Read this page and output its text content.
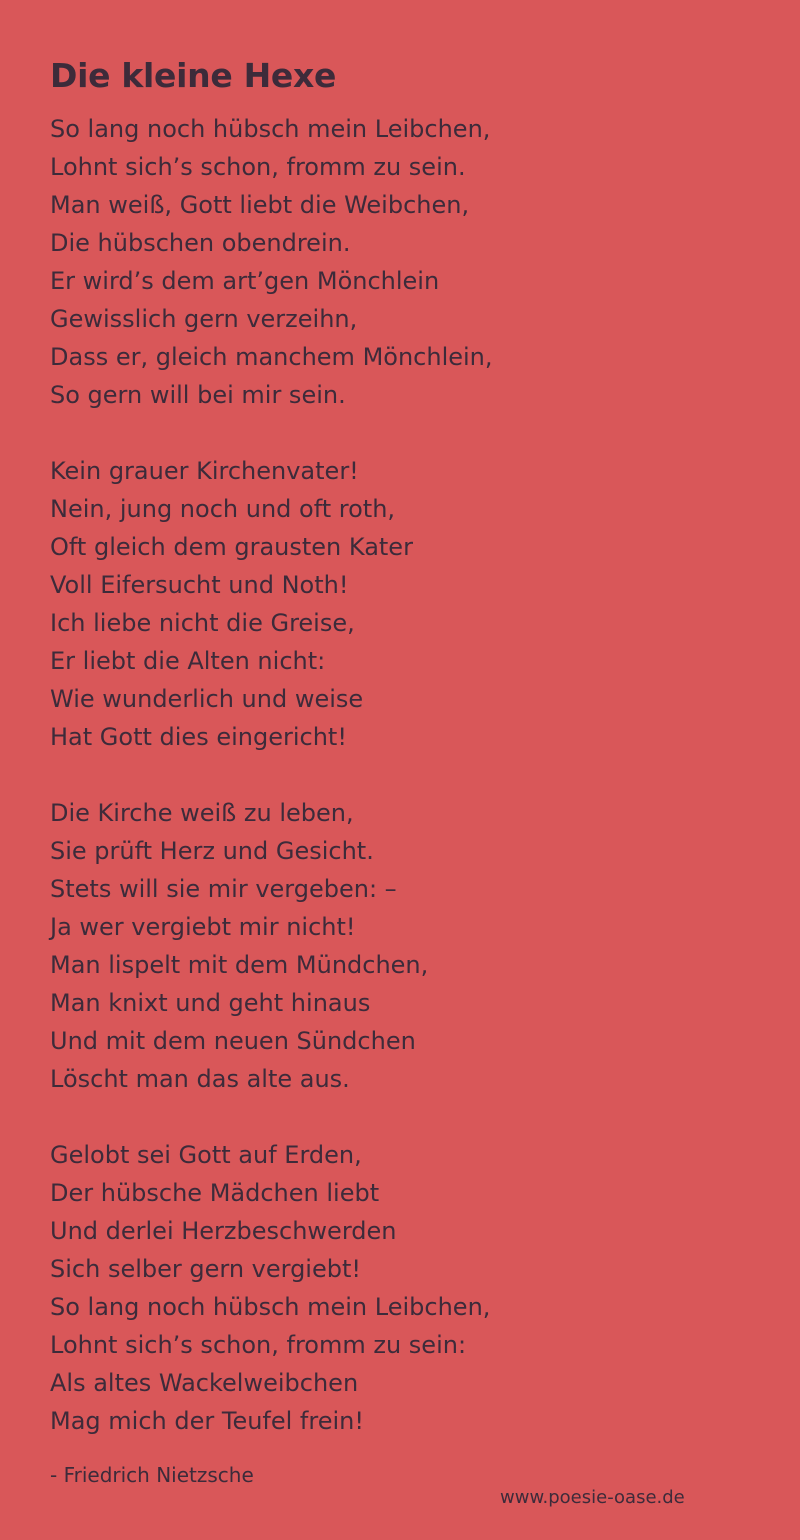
Die kleine Hexe
So lang noch hübsch mein Leibchen,
Lohnt sich’s schon, fromm zu sein.
Man weiß, Gott liebt die Weibchen,
Die hübschen obendrein.
Er wird’s dem art’gen Mönchlein
Gewisslich gern verzeihn,
Dass er, gleich manchem Mönchlein,
So gern will bei mir sein.
Kein grauer Kirchenvater!
Nein, jung noch und oft roth,
Oft gleich dem grausten Kater
Voll Eifersucht und Noth!
Ich liebe nicht die Greise,
Er liebt die Alten nicht:
Wie wunderlich und weise
Hat Gott dies eingericht!
Die Kirche weiß zu leben,
Sie prüft Herz und Gesicht.
Stets will sie mir vergeben: –
Ja wer vergiebt mir nicht!
Man lispelt mit dem Mündchen,
Man knixt und geht hinaus
Und mit dem neuen Sündchen
Löscht man das alte aus.
Gelobt sei Gott auf Erden,
Der hübsche Mädchen liebt
Und derlei Herzbeschwerden
Sich selber gern vergiebt!
So lang noch hübsch mein Leibchen,
Lohnt sich’s schon, fromm zu sein:
Als altes Wackelweibchen
Mag mich der Teufel frein!
- Friedrich Nietzsche
www.poesie-oase.de
